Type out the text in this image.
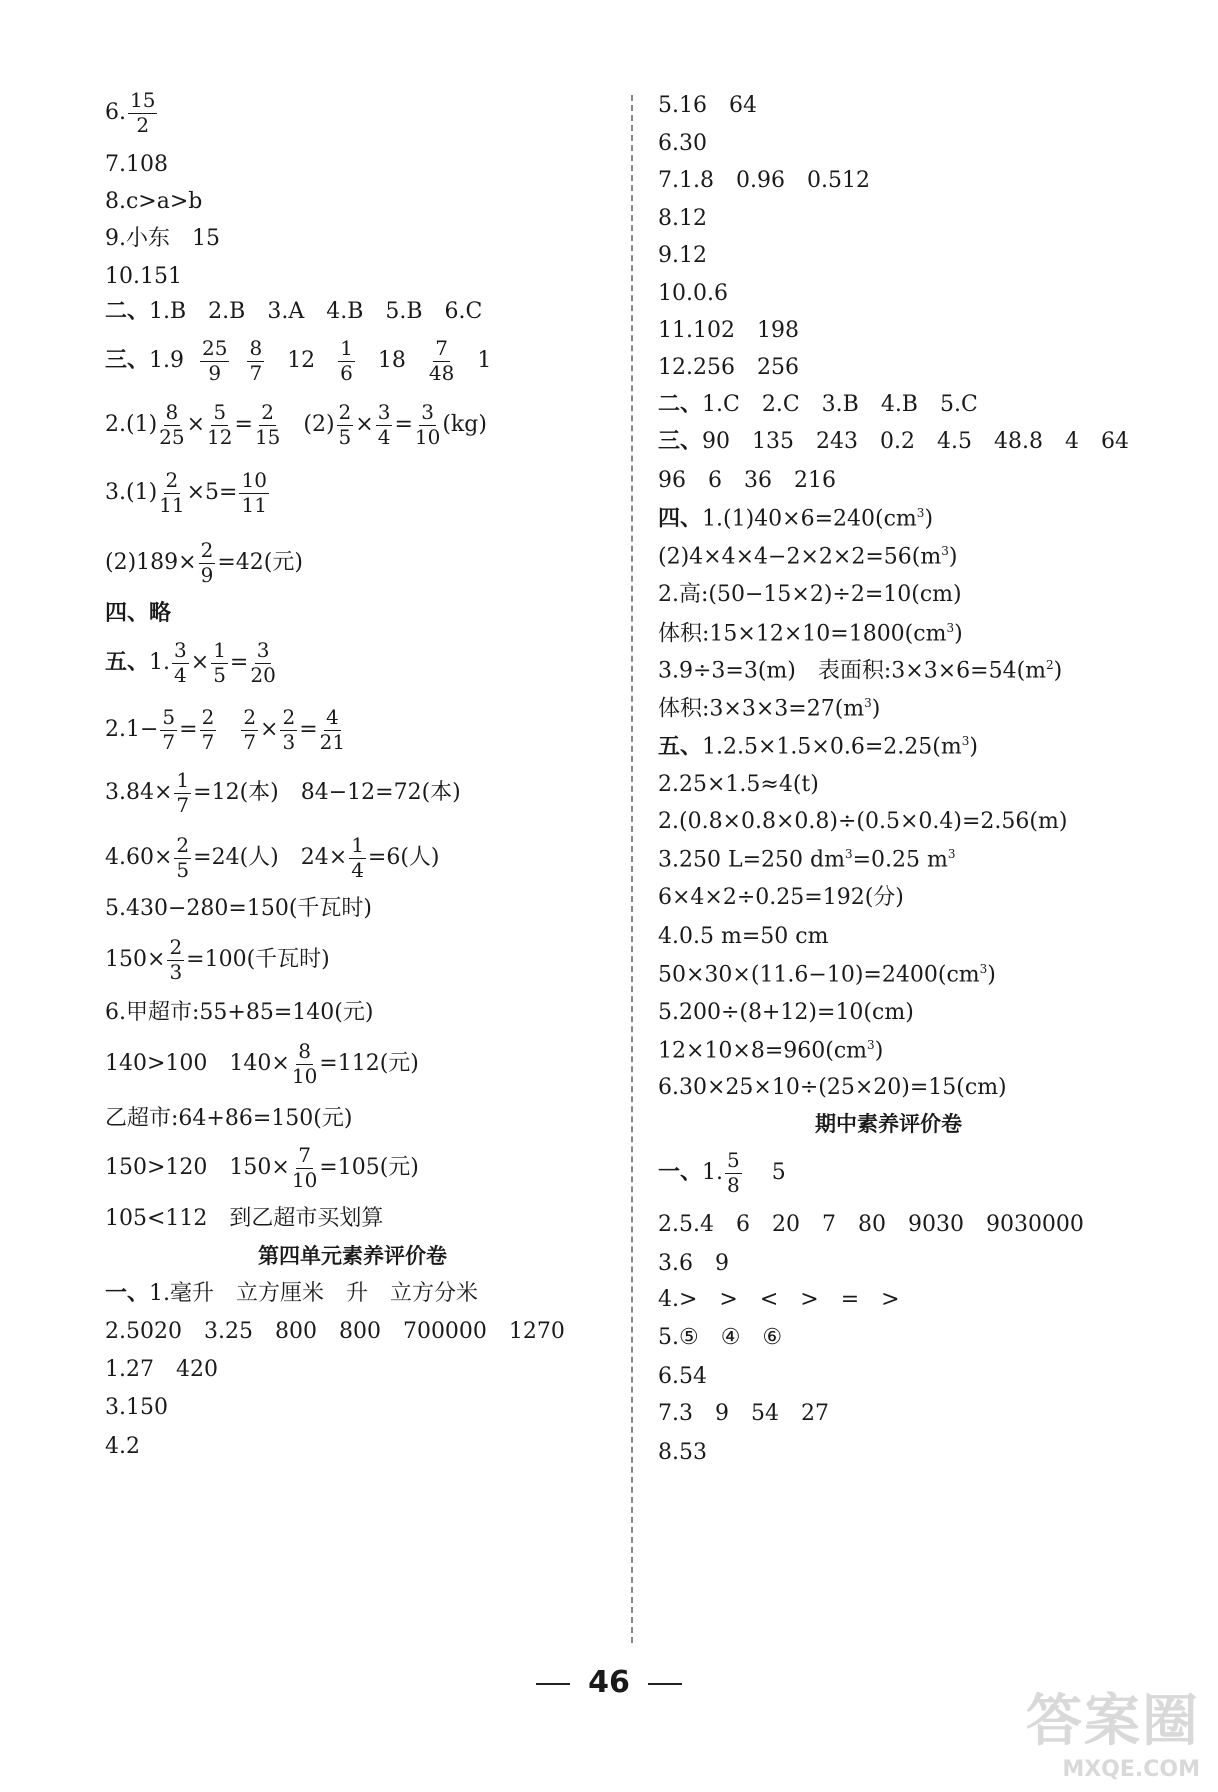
6. $\frac{15}{2}$
7.108
8.c>a>b
9.小东　15
10.151
二、1.B　2.B　3.A　4.B　5.B　6.C
三、$1.9 \frac{25}{9}$
$\frac{8}{7} 12 \frac{1}{6} 18 \frac{7}{48} 1$
$2.(1) \frac{8}{25} \times \frac{5}{12} = \frac{2}{15} (2) \frac{2}{5} \times \frac{3}{4} = \frac{3}{10} (kg)$
$3.(1) \frac{2}{11} \times 5= \frac{10}{11}$
$(2)189\times \frac{2}{9} =42$(元)
四、略
五、1. $\frac{3}{4} \times \frac{1}{5} = \frac{3}{20}$
$2.1- \frac{5}{7} = \frac{2}{7}$
$\frac{2}{7} \times \frac{2}{3} = \frac{4}{21}$
$3.84\times \frac{1}{7} =12$(本)　84−12=72(本)
$4.60\times \frac{2}{5} =24$(人)　$24\times \frac{1}{4} =6$(人)
5.430−280=150(千瓦时)
$150\times \frac{2}{3} =100$(千瓦时)
6.甲超市:55+85=140(元)
140>100　$140\times \frac{8}{10} =112$(元)
乙超市:64+86=150(元)
150>120　$150\times \frac{7}{10} =105$(元)
105<112　到乙超市买划算
第四单元素养评价卷
一、1.毫升　立方厘米　升　立方分米
2.5020　3.25　800　800　700000　1270
1.27　420
3.150
4.2
5.16　64
6.30
7.1.8　0.96　0.512
8.12
9.12
10.0.6
11.102　198
12.256　256
二、1.C　2.C　3.B　4.B　5.C
三、90　135　243　0.2　4.5　48.8　4　64
96　6　36　216
四、$1.(1)40\times 6=240(cm^3)$
$(2)4\times 4\times 4-2\times 2\times 2=56(m^3)$
2.高:(50−15×2)÷2=10(cm)
体积$:15\times 12\times 10=1800(cm^3)$
3.9÷3=3(m)　表面积$:3\times 3\times 6=54(m^2)$
体积$:3\times 3\times 3=27(m^3)$
五、$1.2.5\times 1.5\times 0.6=2.25(m^3)$
2.25×1.5≈4(t)
2.(0.8×0.8×0.8)÷(0.5×0.4)=2.56(m)
3.250 L=250 $dm^3=0.25$ $m^3$
6×4×2÷0.25=192(分)
4.0.5 m=50 cm
$50\times 30\times(11.6-10)=2400(cm^3)$
5.200÷(8+12)=10(cm)
$12\times 10\times 8=960(cm^3)$
6.30×25×10÷(25×20)=15(cm)
期中素养评价卷
一、1. $\frac{5}{8} 5$
2.5.4　6　20　7　80　9030　9030000
3.6　9
4.>　>　<　>　=　>
5.⑤　④　⑥
6.54
7.3　9　54　27
8.53
46
答案圈
MXQE.COM
